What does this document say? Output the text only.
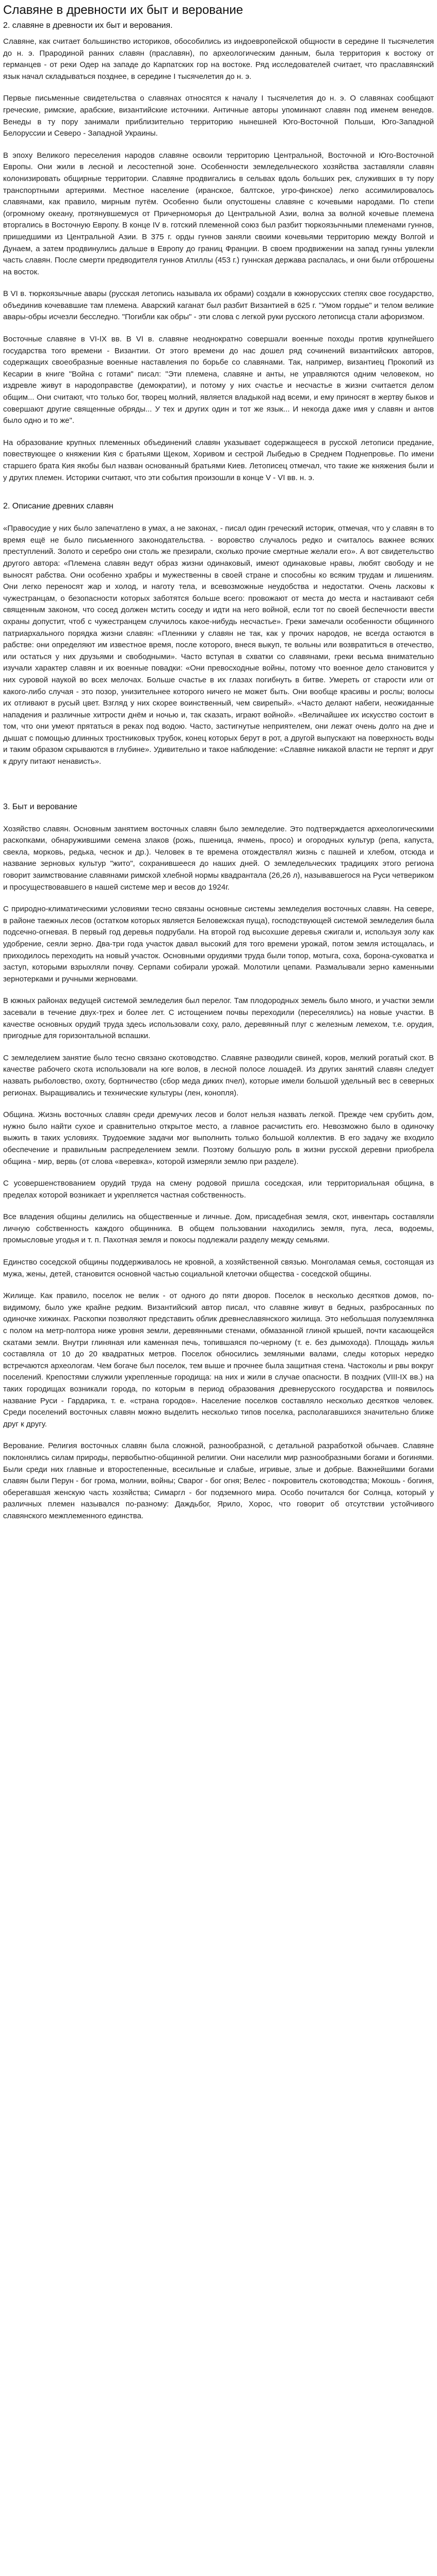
Славяне в древности их быт и верование
2. славяне в древности их быт и верования.

Славяне, как считает большинство историков, обособились из индоевропейской общности в середине II тысячелетия до н. э. Прародиной ранних славян (праславян), по археологическим данным, была территория к востоку от германцев - от реки Одер на западе до Карпатских гор на востоке. Ряд исследователей считает, что праславянский язык начал складываться позднее, в середине I тысячелетия до н. э.

Первые письменные свидетельства о славянах относятся к началу I тысячелетия до н. э. О славянах сообщают греческие, римские, арабские, византийские источники. Античные авторы упоминают славян под именем венедов. Венеды в ту пору занимали приблизительно территорию нынешней Юго-Восточной Польши, Юго-Западной Белоруссии и Северо - Западной Украины.

В эпоху Великого переселения народов славяне освоили территорию Центральной, Восточной и Юго-Восточной Европы. Они жили в лесной и лесостепной зоне. Особенности земледельческого хозяйства заставляли славян колонизировать общирные территории. Славяне продвигались в сельвах вдоль больших рек, служивших в ту пору транспортными артериями. Местное население (иранское, балтское, угро-финское) легко ассимилировалось славянами, как правило, мирным путём. Особенно были опустошены славяне с кочевыми народами. По степи (огромному океану, протянувшемуся от Причерноморья до Центральной Азии, волна за волной кочевые племена вторгались в Восточную Европу. В конце IV в. готский племенной союз был разбит тюркоязычными племенами гуннов, пришедшими из Центральной Азии. В 375 г. орды гуннов заняли своими кочевьями территорию между Волгой и Дунаем, а затем продвинулись дальше в Европу до границ Франции. В своем продвижении на запад гунны увлекли часть славян. После смерти предводителя гуннов Атиллы (453 г.) гуннская держава распалась, и они были отброшены на восток.

В VI в. тюркоязычные авары (русская летопись называла их обрами) создали в южнорусских степях свое государство, объединив кочевавшие там племена. Аварский каганат был разбит Византией в 625 г. "Умом гордые" и телом великие авары-обры исчезли бесследно. "Погибли как обры" - эти слова с легкой руки русского летописца стали афоризмом.

Восточные славяне в VI-IX вв. В VI в. славяне неоднократно совершали военные походы против крупнейшего государства того времени - Византии. От этого времени до нас дошел ряд сочинений византийских авторов, содержащих своеобразные военные наставления по борьбе со славянами. Так, например, византиец Прокопий из Кесарии в книге "Война с готами" писал: "Эти племена, славяне и анты, не управляются одним человеком, но издревле живут в народоправстве (демократии), и потому у них счастье и несчастье в жизни считается делом общим... Они считают, что только бог, творец молний, является владыкой над всеми, и ему приносят в жертву быков и совершают другие священные обряды... У тех и других один и тот же язык... И некогда даже имя у славян и антов было одно и то же".

На образование крупных племенных объединений славян указывает содержащееся в русской летописи предание, повествующее о княжении Кия с братьями Щеком, Хоривом и сестрой Лыбедью в Среднем Поднепровье. По имени старшего брата Кия якобы был назван основанный братьями Киев. Летописец отмечал, что такие же княжения были и у других племен. Историки считают, что эти события произошли в конце V - VI вв. н. э.

2. Описание древних славян

«Правосудие у них было запечатлено в умах, а не законах, - писал один греческий историк, отмечая, что у славян в то время ещё не было письменного законодательства. - воровство случалось редко и считалось важнее всяких преступлений. Золото и серебро они столь же презирали, сколько прочие смертные желали его». А вот свидетельство другого автора: «Племена славян ведут образ жизни одинаковый, имеют одинаковые нравы, любят свободу и не выносят рабства. Они особенно храбры и мужественны в своей стране и способны ко всяким трудам и лишениям. Они легко переносят жар и холод, и наготу тела, и всевозможные неудобства и недостатки. Очень ласковы к чужестранцам, о безопасности которых заботятся больше всего: провожают от места до места и настаивают себя священным законом, что сосед должен мстить соседу и идти на него войной, если тот по своей беспечности ввести охраны допустит, чтоб с чужестранцем случилось какое-нибудь несчастье». Греки замечали особенности общинного патриархального порядка жизни славян: «Пленники у славян не так, как у прочих народов, не всегда остаются в рабстве: они определяют им известное время, после которого, внеся выкуп, те вольны или возвратиться в отечество, или остаться у них друзьями и свободными». Часто вступая в схватки со славянами, греки весьма внимательно изучали характер славян и их военные повадки: «Они превосходные войны, потому что военное дело становится у них суровой наукой во всех мелочах. Больше счастье в их глазах погибнуть в битве. Умереть от старости или от какого-либо случая - это позор, унизительнее которого ничего не может быть. Они вообще красивы и рослы; волосы их отливают в русый цвет. Взгляд у них скорее воинственный, чем свирепый». «Часто делают набеги, неожиданные нападения и различные хитрости днём и ночью и, так сказать, играют войной». «Величайшее их искусство состоит в том, что они умеют прятаться в реках под водою. Часто, застигнутые неприятелем, они лежат очень долго на дне и дышат с помощью длинных тростниковых трубок, конец которых берут в рот, а другой выпускают на поверхность воды и таким образом скрываются в глубине». Удивительно и такое наблюдение: «Славяне никакой власти не терпят и друг к другу питают ненависть».

3. Быт и верование

Хозяйство славян. Основным занятием восточных славян было земледелие. Это подтверждается археологическими раскопками, обнаружившими семена злаков (рожь, пшеница, ячмень, просо) и огородных культур (репа, капуста, свекла, морковь, редька, чеснок и др.). Человек в те времена отождествлял жизнь с пашней и хлебом, отсюда и название зерновых культур "жито", сохранившееся до наших дней. О земледельческих традициях этого региона говорит заимствование славянами римской хлебной нормы квадрантала (26,26 л), называвшегося на Руси четвериком и просуществовавшего в нашей системе мер и весов до 1924г.

С природно-климатическими условиями тесно связаны основные системы земледелия восточных славян. На севере, в районе таежных лесов (остатком которых является Беловежская пуща), господствующей системой земледелия была подсечно-огневая. В первый год деревья подрубали. На второй год высохшие деревья сжигали и, используя золу как удобрение, сеяли зерно. Два-три года участок давал высокий для того времени урожай, потом земля истощалась, и приходилось переходить на новый участок. Основными орудиями труда были топор, мотыга, соха, борона-суковатка и заступ, которыми взрыхляли почву. Серпами собирали урожай. Молотили цепами. Размалывали зерно каменными зернотерками и ручными жерновами.

В южных районах ведущей системой земледелия был перелог. Там плодородных земель было много, и участки земли засевали в течение двух-трех и более лет. С истощением почвы переходили (переселялись) на новые участки. В качестве основных орудий труда здесь использовали соху, рало, деревянный плуг с железным лемехом, т.е. орудия, пригодные для горизонтальной вспашки.

С земледелием занятие было тесно связано скотоводство. Славяне разводили свиней, коров, мелкий рогатый скот. В качестве рабочего скота использовали на юге волов, в лесной полосе лошадей. Из других занятий славян следует назвать рыболовство, охоту, бортничество (сбор меда диких пчел), которые имели большой удельный вес в северных регионах. Выращивались и технические культуры (лен, конопля).

Община. Жизнь восточных славян среди дремучих лесов и болот нельзя назвать легкой. Прежде чем срубить дом, нужно было найти сухое и сравнительно открытое место, а главное расчистить его. Невозможно было в одиночку выжить в таких условиях. Трудоемкие задачи мог выполнить только большой коллектив. В его задачу же входило обеспечение и правильным распределением земли. Поэтому большую роль в жизни русской деревни приобрела община - мир, вервь (от слова «веревка», которой измеряли землю при разделе).

С усовершенствованием орудий труда на смену родовой пришла соседская, или территориальная община, в пределах которой возникает и укрепляется частная собственность.

Все владения общины делились на общественные и личные. Дом, присадебная земля, скот, инвентарь составляли личную собственность каждого общинника. В общем пользовании находились земля, пуга, леса, водоемы, промысловые угодья и т. п. Пахотная земля и покосы подлежали разделу между семьями.

Единство соседской общины поддерживалось не кровной, а хозяйственной связью. Монголамая семья, состоящая из мужа, жены, детей, становится основной частью социальной клеточки общества - соседской общины.

Жилище. Как правило, поселок не велик - от одного до пяти дворов. Поселок в несколько десятков домов, по-видимому, было уже крайне редким. Византийский автор писал, что славяне живут в бедных, разбросанных по одиночке хижинах. Раскопки позволяют представить облик древнеславянского жилища. Это небольшая полуземлянка с полом на метр-полтора ниже уровня земли, деревянными стенами, обмазанной глиной крышей, почти касающейся скатами земли. Внутри глиняная или каменная печь, топившаяся по-черному (т. е. без дымохода). Площадь жилья составляла от 10 до 20 квадратных метров. Поселок обносились земляными валами, следы которых нередко встречаются археологам. Чем богаче был поселок, тем выше и прочнее была защитная стена. Частоколы и рвы вокруг поселений. Крепостями служили укрепленные городища: на них и жили в случае опасности. В поздних (VIII-IX вв.) на таких городищах возникали города, по которым в период образования древнерусского государства и появилось название Руси - Гардарика, т. е. «страна городов». Население поселков составляло несколько десятков человек. Среди поселений восточных славян можно выделить несколько типов поселка, располагавшихся значительно ближе друг к другу.

Верование. Религия восточных славян была сложной, разнообразной, с детальной разработкой обычаев. Славяне поклонялись силам природы, первобытно-общинной религии. Они населили мир разнообразными богами и богинями. Были среди них главные и второстепенные, всесильные и слабые, игривые, злые и добрые. Важнейшими богами славян были Перун - бог грома, молнии, войны; Сварог - бог огня; Велес - покровитель скотоводства; Мокошь - богиня, оберегавшая женскую часть хозяйства; Симаргл - бог подземного мира. Особо почитался бог Солнца, который у различных племен назывался по-разному: Даждьбог, Ярило, Хорос, что говорит об отсутствии устойчивого славянского межплеменного единства.
